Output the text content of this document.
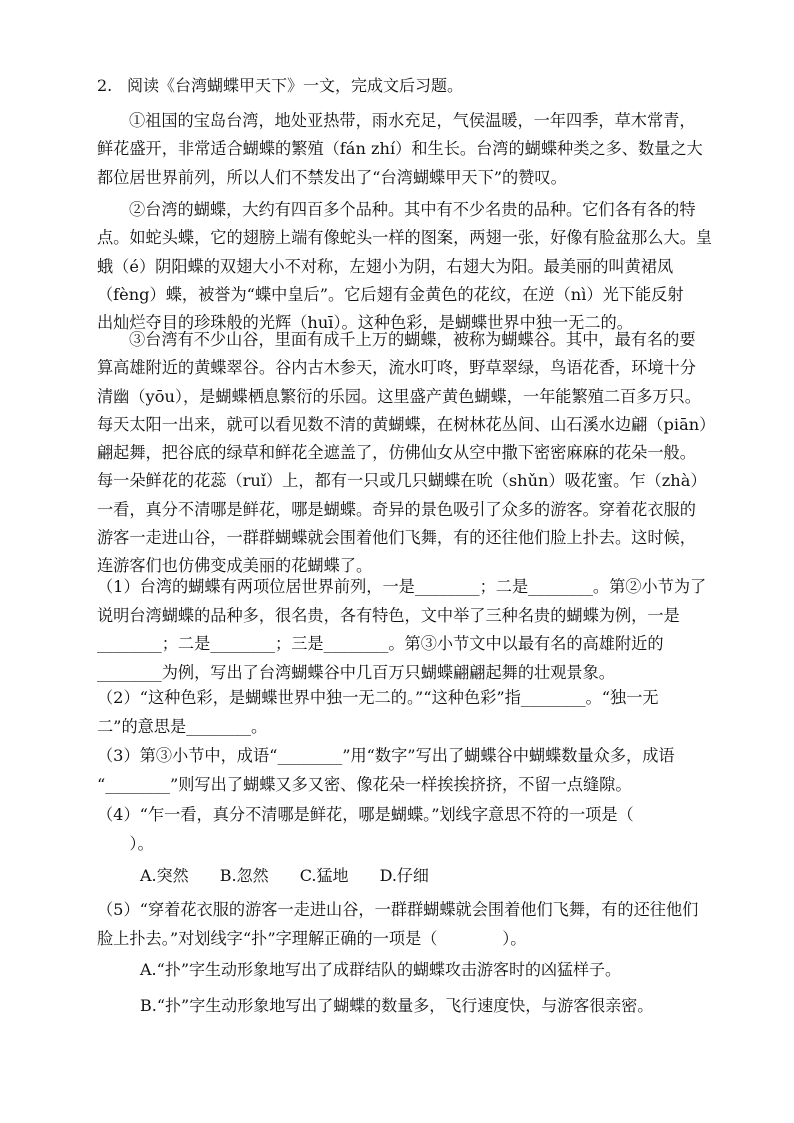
2. 阅读《台湾蝴蝶甲天下》一文，完成文后习题。
①祖国的宝岛台湾，地处亚热带，雨水充足，气侯温暖，一年四季，草木常青，
鲜花盛开，非常适合蝴蝶的繁殖（fán zhí）和生长。台湾的蝴蝶种类之多、数量之大
都位居世界前列，所以人们不禁发出了“台湾蝴蝶甲天下”的赞叹。
②台湾的蝴蝶，大约有四百多个品种。其中有不少名贵的品种。它们各有各的特
点。如蛇头蝶，它的翅膀上端有像蛇头一样的图案，两翅一张，好像有脸盆那么大。皇
蛾（é）阴阳蝶的双翅大小不对称，左翅小为阴，右翅大为阳。最美丽的叫黄裙凤
（fèng）蝶，被誉为“蝶中皇后”。它后翅有金黄色的花纹，在逆（nì）光下能反射
出灿烂夺目的珍珠般的光辉（huī）。这种色彩，是蝴蝶世界中独一无二的。
③台湾有不少山谷，里面有成千上万的蝴蝶，被称为蝴蝶谷。其中，最有名的要
算高雄附近的黄蝶翠谷。谷内古木参天，流水叮咚，野草翠绿，鸟语花香，环境十分
清幽（yōu），是蝴蝶栖息繁衍的乐园。这里盛产黄色蝴蝶，一年能繁殖二百多万只。
每天太阳一出来，就可以看见数不清的黄蝴蝶，在树林花丛间、山石溪水边翩（piān）
翩起舞，把谷底的绿草和鲜花全遮盖了，仿佛仙女从空中撒下密密麻麻的花朵一般。
每一朵鲜花的花蕊（ruǐ）上，都有一只或几只蝴蝶在吮（shǔn）吸花蜜。乍（zhà）
一看，真分不清哪是鲜花，哪是蝴蝶。奇异的景色吸引了众多的游客。穿着花衣服的
游客一走进山谷，一群群蝴蝶就会围着他们飞舞，有的还往他们脸上扑去。这时候，
连游客们也仿佛变成美丽的花蝴蝶了。
（1）台湾的蝴蝶有两项位居世界前列，一是________；二是________。第②小节为了
说明台湾蝴蝶的品种多，很名贵，各有特色，文中举了三种名贵的蝴蝶为例，一是
________；二是________；三是________。第③小节文中以最有名的高雄附近的
________为例，写出了台湾蝴蝶谷中几百万只蝴蝶翩翩起舞的壮观景象。
（2）“这种色彩，是蝴蝶世界中独一无二的。”“这种色彩”指________。“独一无
二”的意思是________。
（3）第③小节中，成语“________”用“数字”写出了蝴蝶谷中蝴蝶数量众多，成语
“________”则写出了蝴蝶又多又密、像花朵一样挨挨挤挤，不留一点缝隙。
（4）“乍一看，真分不清哪是鲜花，哪是蝴蝶。”划线字意思不符的一项是（
　　）。
A.突然 B.忽然 C.猛地 D.仔细
（5）“穿着花衣服的游客一走进山谷，一群群蝴蝶就会围着他们飞舞，有的还往他们
脸上扑去。”对划线字“扑”字理解正确的一项是（　　　　）。
A.“扑”字生动形象地写出了成群结队的蝴蝶攻击游客时的凶猛样子。
B.“扑”字生动形象地写出了蝴蝶的数量多，飞行速度快，与游客很亲密。
